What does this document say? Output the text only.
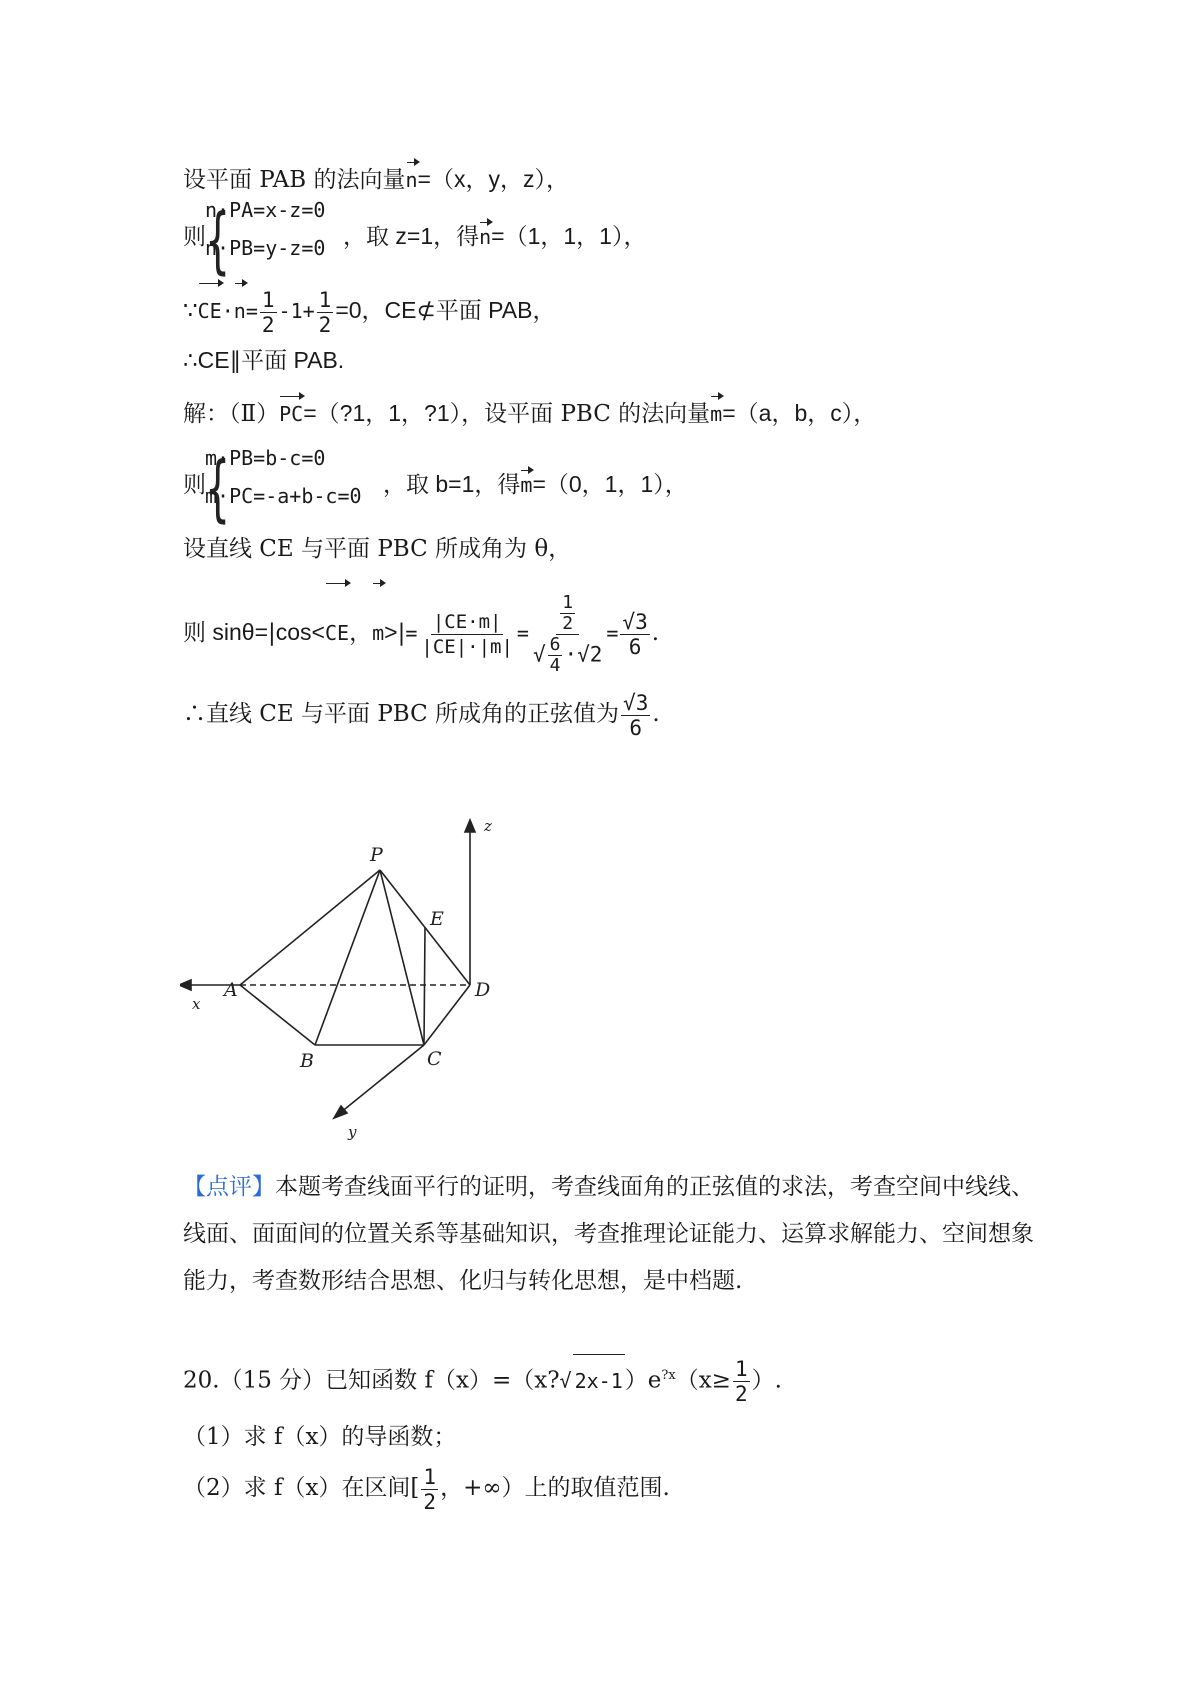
设平面 PAB 的法向量n=（x，y，z），
则 {
n·PA=x-z=0
n·PB=y-z=0 ，取 z=1，得n=（1，1，1），
∵CE·n= $\frac{1}{2} -1+ \frac{1}{2} =0$，CE⊄平面 PAB，
∴CE∥平面 PAB.
解：（Ⅱ）PC=（?1，1，?1），设平面 PBC 的法向量m=（a，b，c），
则 {
m·PB=b-c=0
m·PC=-a+b-c=0 ，取 b=1，得m=（0，1，1），
设直线 CE 与平面 PBC 所成角为 θ，
则 sinθ=|cos<CE，$m>|= \frac{|CE\cdot m|}{|CE|\cdot|m|} = \frac{\frac{1}{2}}{√ \frac{6}{4} \cdot√2} = \frac{√3}{6}$ .
∴直线 CE 与平面 PBC 所成角的正弦值为 $\frac{√3}{6}$ .
P
E
A	D
B	C
x
y
z
【点评】本题考查线面平行的证明，考查线面角的正弦值的求法，考查空间中线线、线面、面面间的位置关系等基础知识，考查推理论证能力、运算求解能力、空间想象能力，考查数形结合思想、化归与转化思想，是中档题.
20.（15 分）已知函数 f（x）=（x?√ $2x-1)e^{?x}(x\ge \frac{1}{2}$ ）.
（1）求 f（x）的导函数；
（2）求 f（x）在区间[ $\frac{1}{2}$ ，+∞）上的取值范围.
